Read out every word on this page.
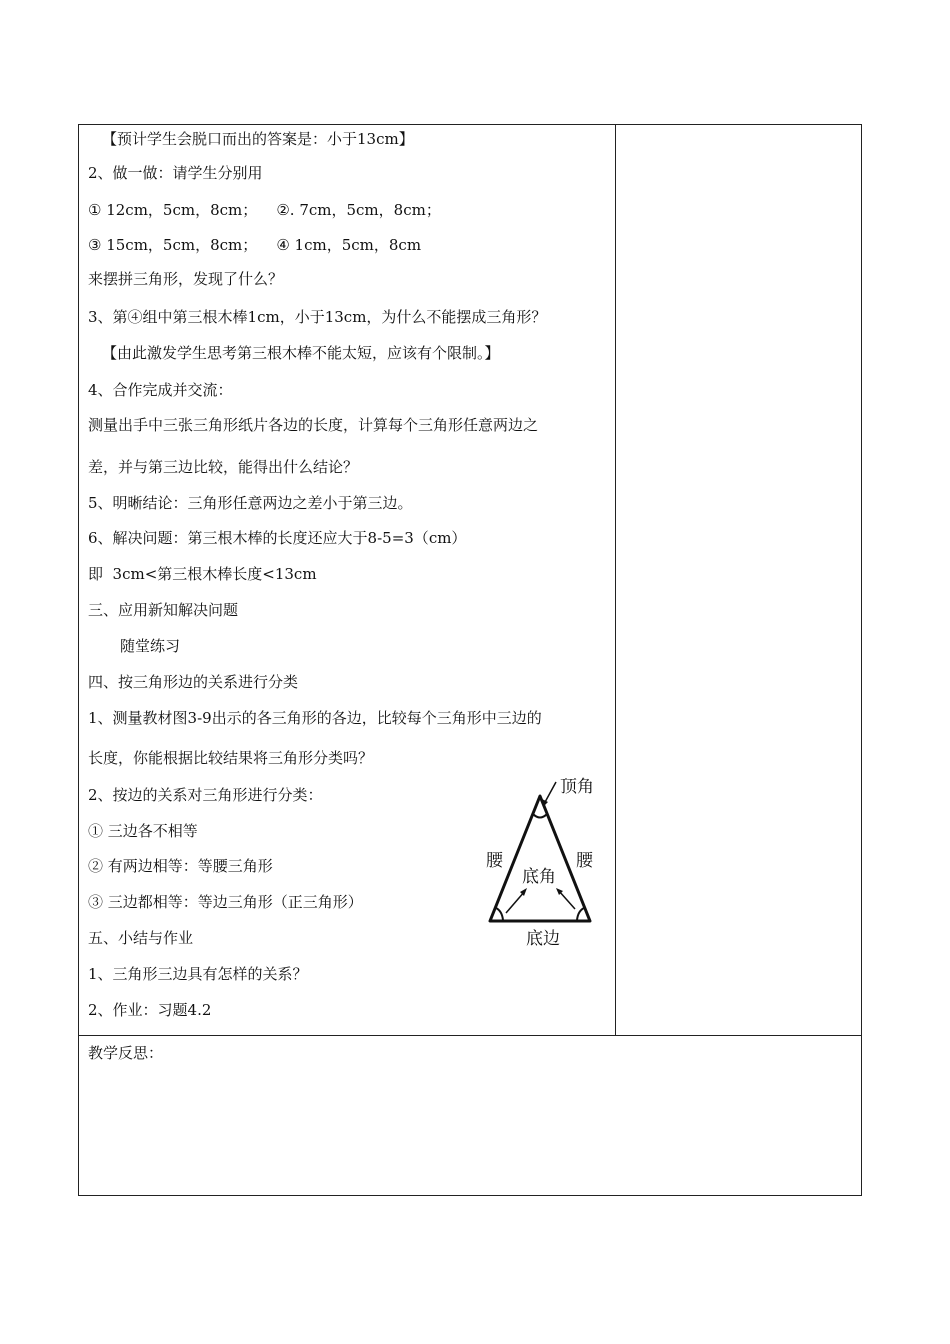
【预计学生会脱口而出的答案是：小于13cm】
2、做一做：请学生分别用
① 12cm，5cm，8cm；    ②. 7cm，5cm，8cm；
③ 15cm，5cm，8cm；    ④ 1cm，5cm，8cm
来摆拼三角形，发现了什么？
3、第④组中第三根木棒1cm，小于13cm，为什么不能摆成三角形？
【由此激发学生思考第三根木棒不能太短，应该有个限制。】
4、合作完成并交流：
测量出手中三张三角形纸片各边的长度，计算每个三角形任意两边之
差，并与第三边比较，能得出什么结论？
5、明晰结论：三角形任意两边之差小于第三边。
6、解决问题：第三根木棒的长度还应大于8-5=3（cm）
即  3cm<第三根木棒长度<13cm
三、应用新知解决问题
随堂练习
四、按三角形边的关系进行分类
1、测量教材图3-9出示的各三角形的各边，比较每个三角形中三边的
长度，你能根据比较结果将三角形分类吗？
2、按边的关系对三角形进行分类：
① 三边各不相等
② 有两边相等：等腰三角形
③ 三边都相等：等边三角形（正三角形）
五、小结与作业
1、三角形三边具有怎样的关系？
2、作业：习题4.2
教学反思：
顶角
腰	腰
底角
底边
